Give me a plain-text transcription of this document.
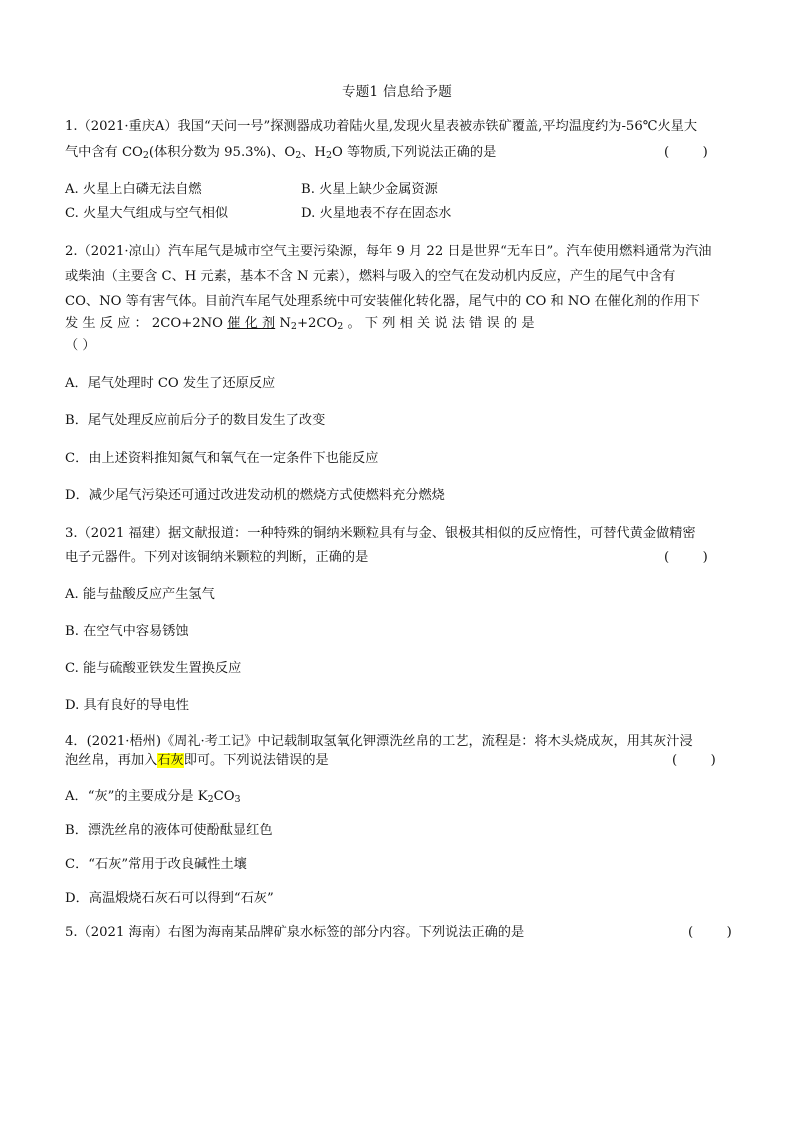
专题1 信息给予题
1.（2021·重庆A）我国“天问一号”探测器成功着陆火星,发现火星表被赤铁矿覆盖,平均温度约为-56℃火星大
气中含有 $CO_2$(体积分数为 95.3%)、$O_2$、$H_2O$ 等物质,下列说法正确的是	(        )
A. 火星上白磷无法自燃	B. 火星上缺少金属资源
C. 火星大气组成与空气相似	D. 火星地表不存在固态水
2.（2021·凉山）汽车尾气是城市空气主要污染源，每年 9 月 22 日是世界“无车日”。汽车使用燃料通常为汽油
或柴油（主要含 C、H 元素，基本不含 N 元素），燃料与吸入的空气在发动机内反应，产生的尾气中含有
CO、NO 等有害气体。目前汽车尾气处理系统中可安装催化转化器，尾气中的 CO 和 NO 在催化剂的作用下
发 生 反 应 ： 2CO+2NO 催 化 剂 $N_2+2CO_2$ 。 下 列 相 关 说 法 错 误 的 是
（ ）
A．尾气处理时 CO 发生了还原反应
B．尾气处理反应前后分子的数目发生了改变
C．由上述资料推知氮气和氧气在一定条件下也能反应
D．减少尾气污染还可通过改进发动机的燃烧方式使燃料充分燃烧
3.（2021 福建）据文献报道：一种特殊的铜纳米颗粒具有与金、银极其相似的反应惰性，可替代黄金做精密
电子元器件。下列对该铜纳米颗粒的判断，正确的是	(        )
A. 能与盐酸反应产生氢气
B. 在空气中容易锈蚀
C. 能与硫酸亚铁发生置换反应
D. 具有良好的导电性
4．(2021·梧州)《周礼·考工记》中记载制取氢氧化钾漂洗丝帛的工艺，流程是：将木头烧成灰，用其灰汁浸
泡丝帛，再加入石灰即可。下列说法错误的是	(        )
A．“灰”的主要成分是 $K_2CO_3$
B．漂洗丝帛的液体可使酚酞显红色
C．“石灰”常用于改良碱性土壤
D．高温煅烧石灰石可以得到“石灰”
5.（2021 海南）右图为海南某品牌矿泉水标签的部分内容。下列说法正确的是	(        )
